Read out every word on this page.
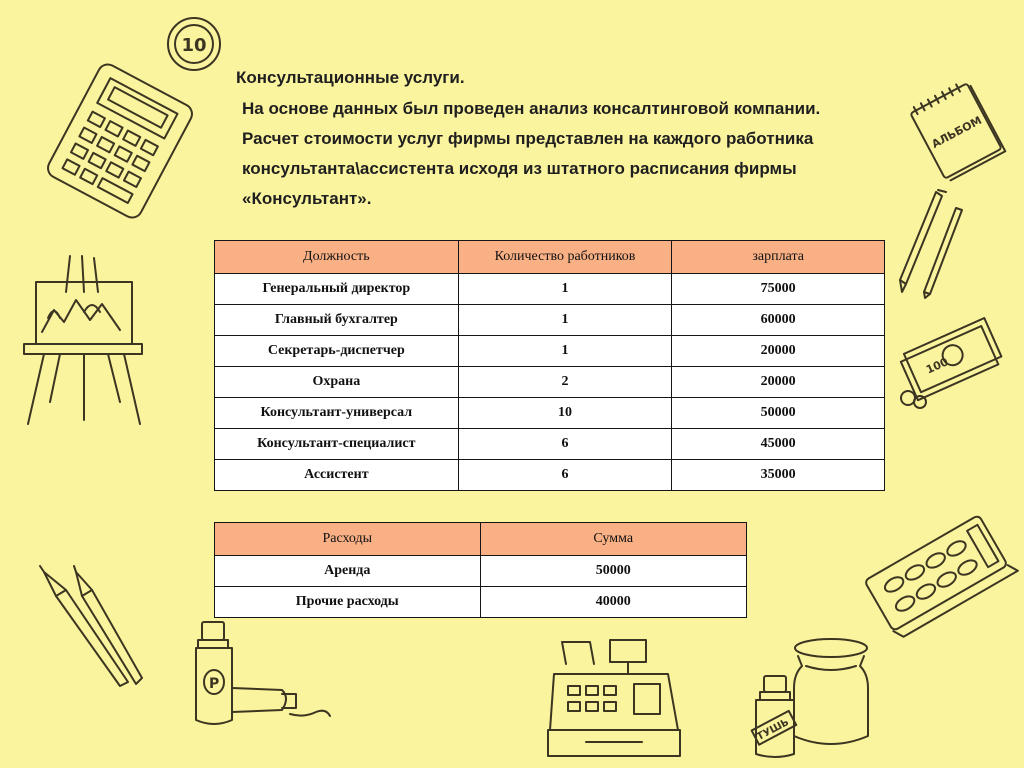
10
АЛЬБОМ
100
Р
ТУШЬ
Консультационные услуги.
На основе данных был проведен анализ консалтинговой компании.
Расчет стоимости услуг фирмы представлен на каждого работника
консультанта\ассистента исходя из штатного расписания фирмы
«Консультант».
Должность	Количество работников	зарплата
Генеральный директор	1	75000
Главный бухгалтер	1	60000
Секретарь-диспетчер	1	20000
Охрана	2	20000
Консультант-универсал	10	50000
Консультант-специалист	6	45000
Ассистент	6	35000
Расходы	Сумма
Аренда	50000
Прочие расходы	40000
